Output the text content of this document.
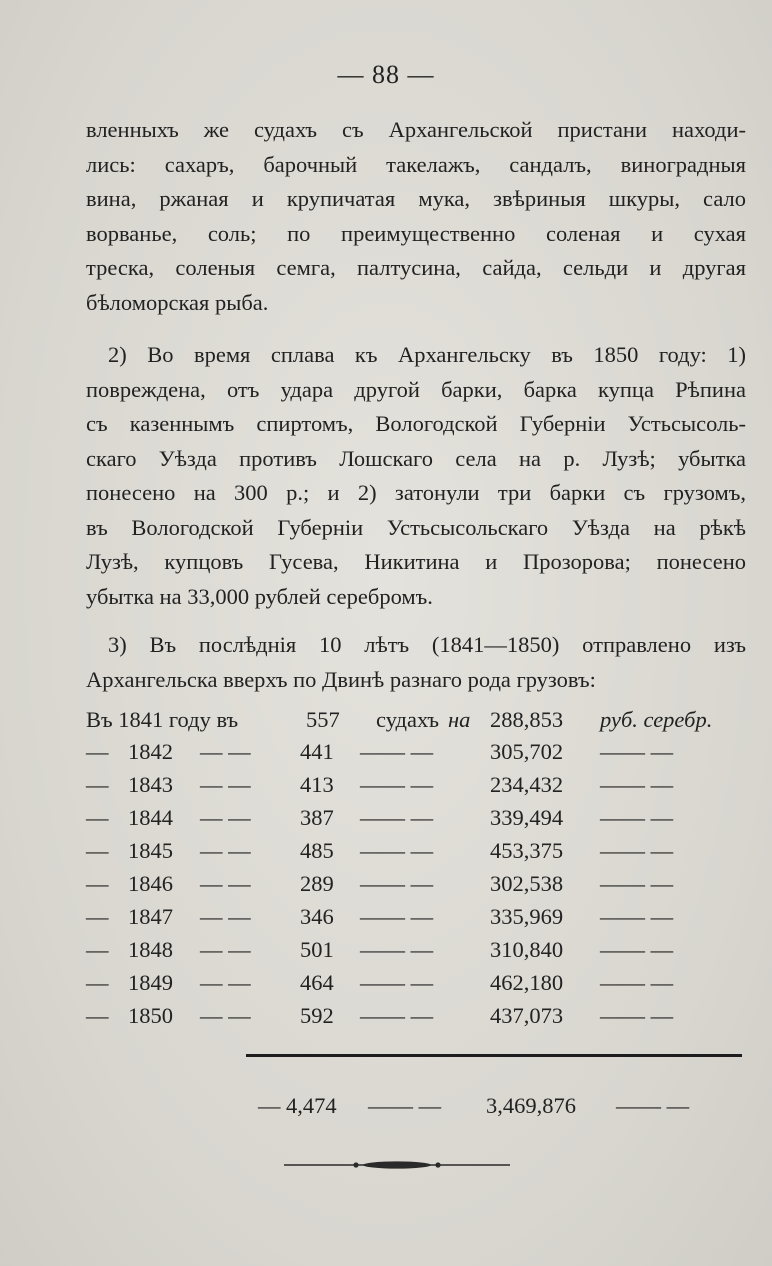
— 88 —
вленныхъ же судахъ съ Архангельской пристани находи-
лись: сахаръ, барочный такелажъ, сандалъ, виноградныя
вина, ржаная и крупичатая мука, звѣриныя шкуры, сало
ворванье, соль; по преимущественно соленая и сухая
треска, соленыя семга, палтусина, сайда, сельди и другая
бѣломорская рыба.
2) Во время сплава къ Архангельску въ 1850 году: 1)
повреждена, отъ удара другой барки, барка купца Рѣпина
съ казеннымъ спиртомъ, Вологодской Губерніи Устьсысоль-
скаго Уѣзда противъ Лошскаго села на р. Лузѣ; убытка
понесено на 300 р.; и 2) затонули три барки съ грузомъ,
въ Вологодской Губерніи Устьсысольскаго Уѣзда на рѣкѣ
Лузѣ, купцовъ Гусева, Никитина и Прозорова; понесено
убытка на 33,000 рублей серебромъ.
3) Въ послѣднія 10 лѣтъ (1841—1850) отправлено изъ
Архангельска вверхъ по Двинѣ разнаго рода грузовъ:
Въ 1841 году въ	557 судахъ на 288,853 руб. серебр.
— 1842 — — 441 —— —	305,702 —— —
— 1843 — — 413 —— —	234,432 —— —
— 1844 — — 387 —— —	339,494 —— —
— 1845 — — 485 —— —	453,375 —— —
— 1846 — — 289 —— —	302,538 —— —
— 1847 — — 346 —— —	335,969 —— —
— 1848 — — 501 —— —	310,840 —— —
— 1849 — — 464 —— —	462,180 —— —
— 1850 — — 592 —— —	437,073 —— —
— 4,474 —— — 3,469,876 —— —
